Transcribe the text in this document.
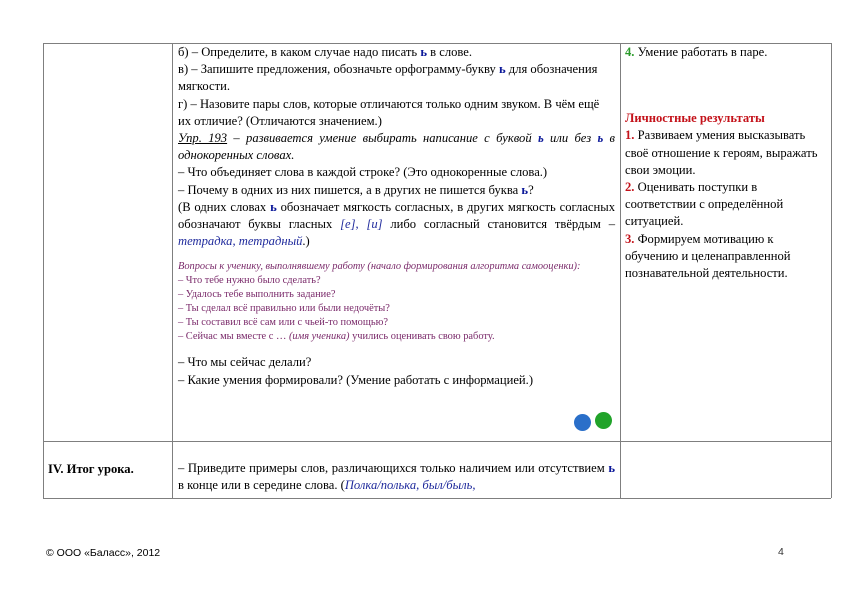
б) – Определите, в каком случае надо писать ь в слове.

в) – Запишите предложения, обозначьте орфограмму-букву ь для обозначения мягкости.

г) – Назовите пары слов, которые отличаются только одним звуком. В чём ещё их отличие? (Отличаются значением.)

Упр. 193 – развивается умение выбирать написание с буквой ь или без ь в однокоренных словах.

– Что объединяет слова в каждой строке? (Это однокоренные слова.)

– Почему в одних из них пишется, а в других не пишется буква ь?

(В одних словах ь обозначает мягкость согласных, в других мягкость согласных обозначают буквы гласных [е], [и] либо согласный становится твёрдым – тетрадка, тетрадный.)

Вопросы к ученику, выполнявшему работу (начало формирования алгоритма самооценки):

– Что тебе нужно было сделать?

– Удалось тебе выполнить задание?

– Ты сделал всё правильно или были недочёты?

– Ты составил всё сам или с чьей-то помощью?

– Сейчас мы вместе с … (имя ученика) учились оценивать свою работу.

– Что мы сейчас делали?

– Какие умения формировали? (Умение работать с информацией.)

4. Умение работать в паре.

Личностные результаты

1. Развиваем умения высказывать своё отношение к героям, выражать свои эмоции.

2. Оценивать поступки в соответствии с определённой ситуацией.

3. Формируем мотивацию к обучению и целенаправленной познавательной деятельности.

IV. Итог урока.	– Приведите примеры слов, различающихся только наличием или отсутствием ь в конце или в середине слова. (Полка/полька, был/быль,
© ООО «Баласс», 2012	4
